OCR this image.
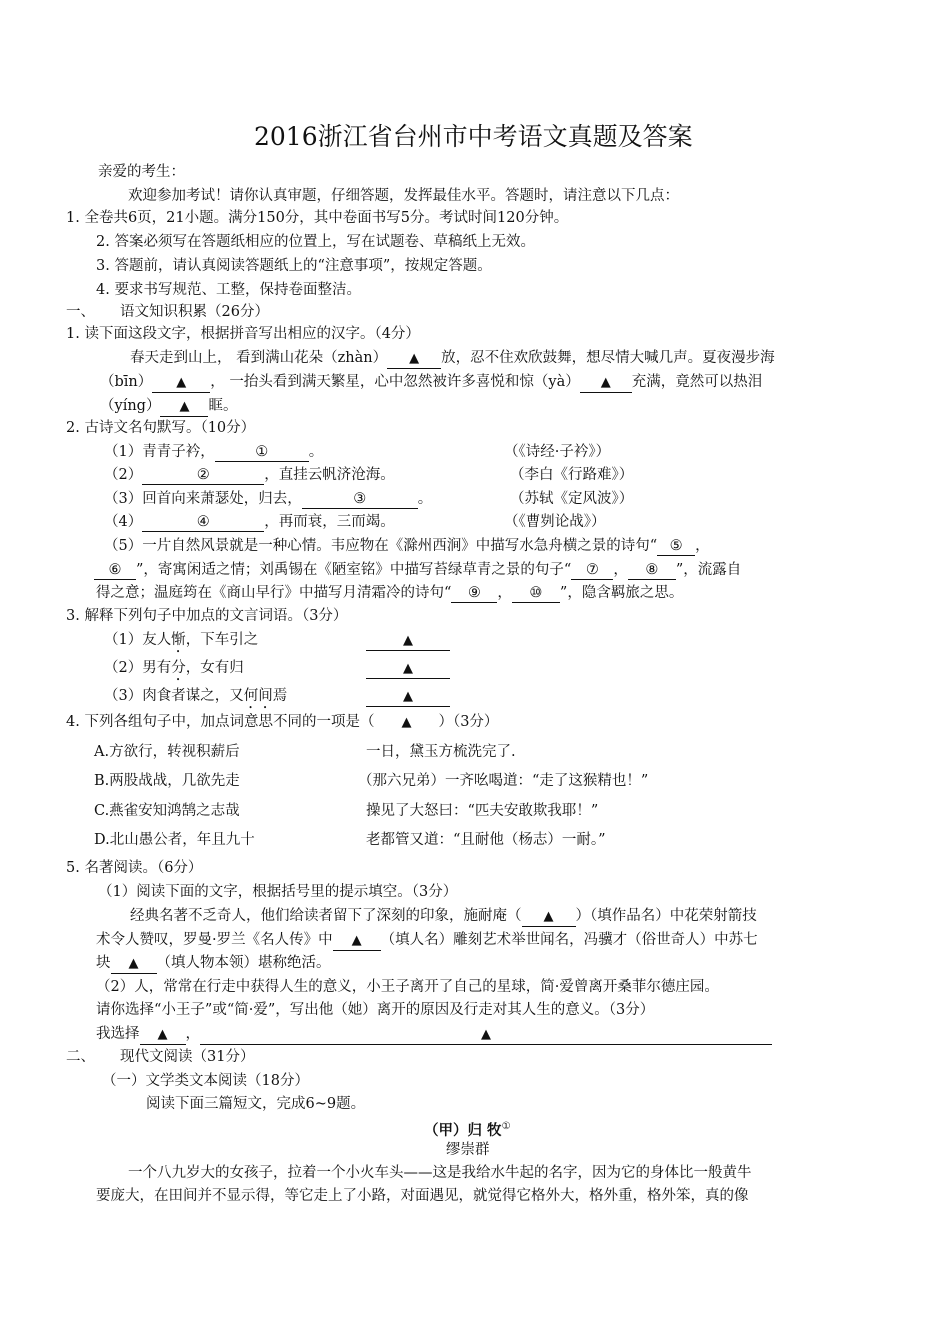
2016浙江省台州市中考语文真题及答案
亲爱的考生：
欢迎参加考试！请你认真审题，仔细答题，发挥最佳水平。答题时，请注意以下几点：
1. 全卷共6页，21小题。满分150分，其中卷面书写5分。考试时间120分钟。
2. 答案必须写在答题纸相应的位置上，写在试题卷、草稿纸上无效。
3. 答题前，请认真阅读答题纸上的“注意事项”，按规定答题。
4. 要求书写规范、工整，保持卷面整洁。
一、 语文知识积累（26分）
1. 读下面这段文字，根据拼音写出相应的汉字。（4分）
春天走到山上， 看到满山花朵（zhàn） ▲ 放，忍不住欢欣鼓舞，想尽情大喊几声。夏夜漫步海
（bīn） ▲ ， 一抬头看到满天繁星，心中忽然被许多喜悦和惊（yà） ▲ 充满，竟然可以热泪
（yíng） ▲ 眶。
2. 古诗文名句默写。（10分）
（1）青青子衿，	①	。	（《诗经·子衿》）
（2）	②	，直挂云帆济沧海。	（李白《行路难》）
（3）回首向来萧瑟处，归去，	③	。	（苏轼《定风波》）
（4）	④	，再而衰，三而竭。	（《曹刿论战》）
（5）一片自然风景就是一种心情。韦应物在《滁州西涧》中描写水急舟横之景的诗句“ ⑤ ，
⑥ ”，寄寓闲适之情；刘禹锡在《陋室铭》中描写苔绿草青之景的句子“ ⑦ ， ⑧ ”，流露自
得之意；温庭筠在《商山早行》中描写月清霜冷的诗句“ ⑨ ， ⑩ ”，隐含羁旅之思。
3. 解释下列句子中加点的文言词语。（3分）
（1）友人惭，下车引之	▲
（2）男有分，女有归	▲
（3）肉食者谋之，又何间焉	▲
4. 下列各组句子中，加点词意思不同的一项是（ ▲ ）（3分）
A.方欲行，转视积薪后	一日，黛玉方梳洗完了.
B.两股战战，几欲先走	（那六兄弟）一齐吆喝道：“走了这猴精也！”
C.燕雀安知鸿鹄之志哉	操见了大怒曰：“匹夫安敢欺我耶！”
D.北山愚公者，年且九十	老都管又道：“且耐他（杨志）一耐。”
5. 名著阅读。（6分）
（1）阅读下面的文字，根据括号里的提示填空。（3分）
经典名著不乏奇人，他们给读者留下了深刻的印象，施耐庵（ ▲ ）（填作品名）中花荣射箭技
术令人赞叹，罗曼·罗兰《名人传》中 ▲ （填人名）雕刻艺术举世闻名，冯骥才（俗世奇人）中苏七
块 ▲ （填人物本领）堪称绝活。
（2）人，常常在行走中获得人生的意义，小王子离开了自己的星球，简·爱曾离开桑菲尔德庄园。
请你选择“小王子”或“简·爱”，写出他（她）离开的原因及行走对其人生的意义。（3分）
我选择 ▲ ，	▲
二、 现代文阅读（31分）
（一）文学类文本阅读（18分）
阅读下面三篇短文，完成6~9题。
（甲）归 牧①
缪崇群
一个八九岁大的女孩子，拉着一个小火车头——这是我给水牛起的名字，因为它的身体比一般黄牛
要庞大，在田间并不显示得，等它走上了小路，对面遇见，就觉得它格外大，格外重，格外笨，真的像
